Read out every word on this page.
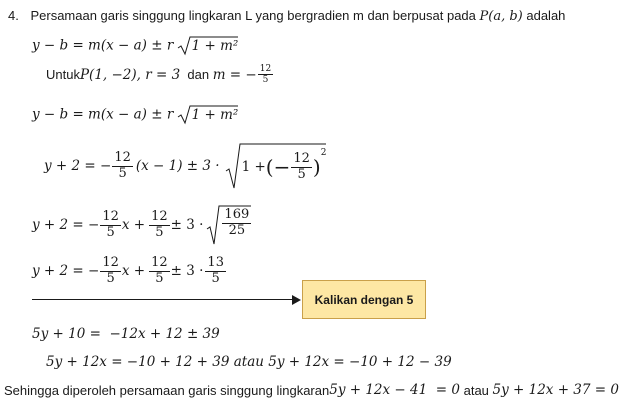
4. Persamaan garis singgung lingkaran L yang bergradien m dan berpusat pada P(a, b) adalah
y − b = m(x − a) ± r 1 + m²
Untuk P(1, −2), r = 3 dan m = − $\frac{12}{5}$
y − b = m(x − a) ± r 1 + m²
y + 2 = − $\frac{12}{5} (x - 1) \pm 3 \cdot 1$ + (− $\frac{12}{5}$ )
2
y + 2 = − $\frac{12}{5}$ $x + \frac{12}{5} \pm 3 \cdot \frac{169}{25}$
y + 2 = − $\frac{12}{5}$ $x + \frac{12}{5} \pm 3 \cdot \frac{13}{5}$
Kalikan dengan 5
5y + 10 =  −12x + 12 ± 39
5y + 12x = −10 + 12 + 39 atau 5y + 12x = −10 + 12 − 39
Sehingga diperoleh persamaan garis singgung lingkaran 5y + 12x − 41  = 0 atau 5y + 12x + 37 = 0
